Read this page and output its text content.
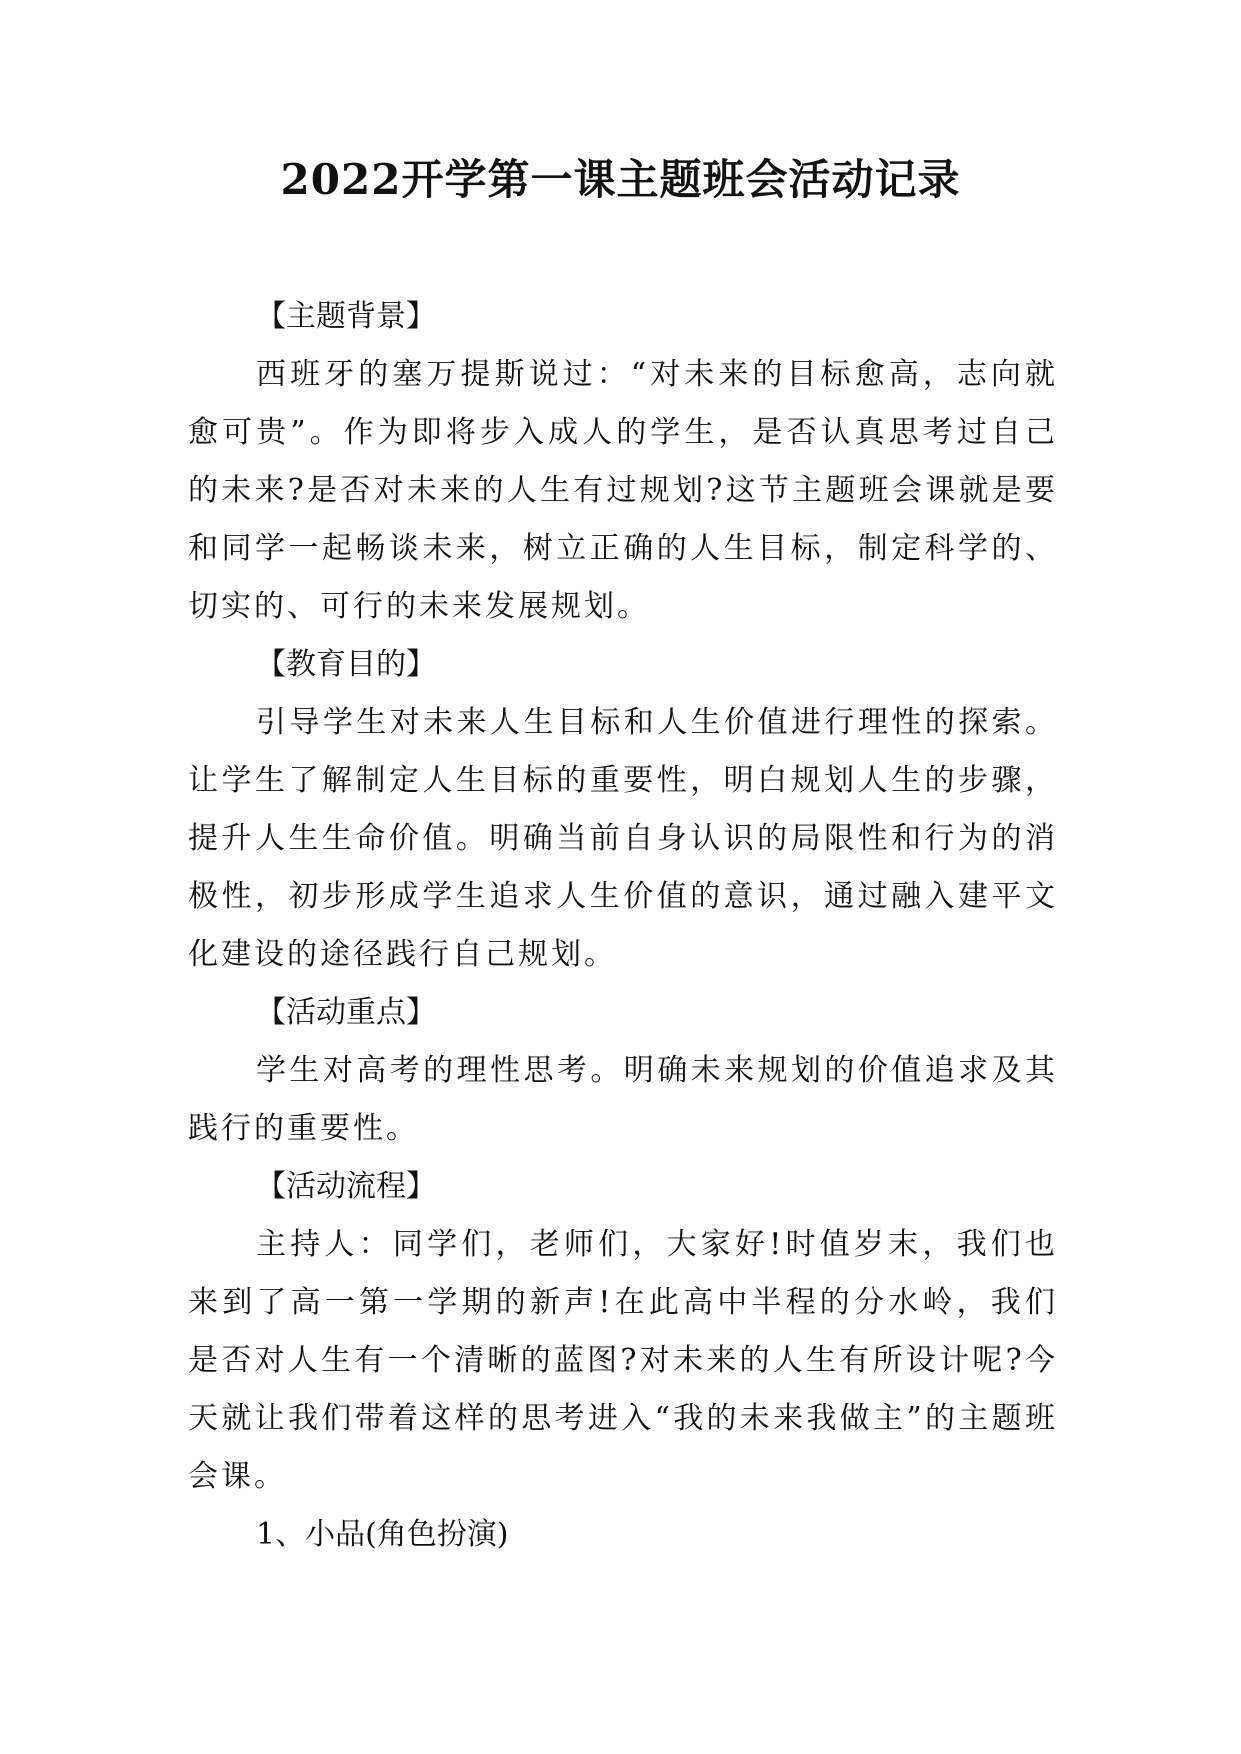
2022开学第一课主题班会活动记录

【主题背景】

西班牙的塞万提斯说过：“对未来的目标愈高，志向就愈可贵”。作为即将步入成人的学生，是否认真思考过自己的未来?是否对未来的人生有过规划?这节主题班会课就是要和同学一起畅谈未来，树立正确的人生目标，制定科学的、切实的、可行的未来发展规划。

【教育目的】

引导学生对未来人生目标和人生价值进行理性的探索。让学生了解制定人生目标的重要性，明白规划人生的步骤，提升人生生命价值。明确当前自身认识的局限性和行为的消极性，初步形成学生追求人生价值的意识，通过融入建平文化建设的途径践行自己规划。

【活动重点】

学生对高考的理性思考。明确未来规划的价值追求及其践行的重要性。

【活动流程】

主持人：同学们，老师们，大家好!时值岁末，我们也来到了高一第一学期的新声!在此高中半程的分水岭，我们是否对人生有一个清晰的蓝图?对未来的人生有所设计呢?今天就让我们带着这样的思考进入“我的未来我做主”的主题班会课。

1、小品(角色扮演)
